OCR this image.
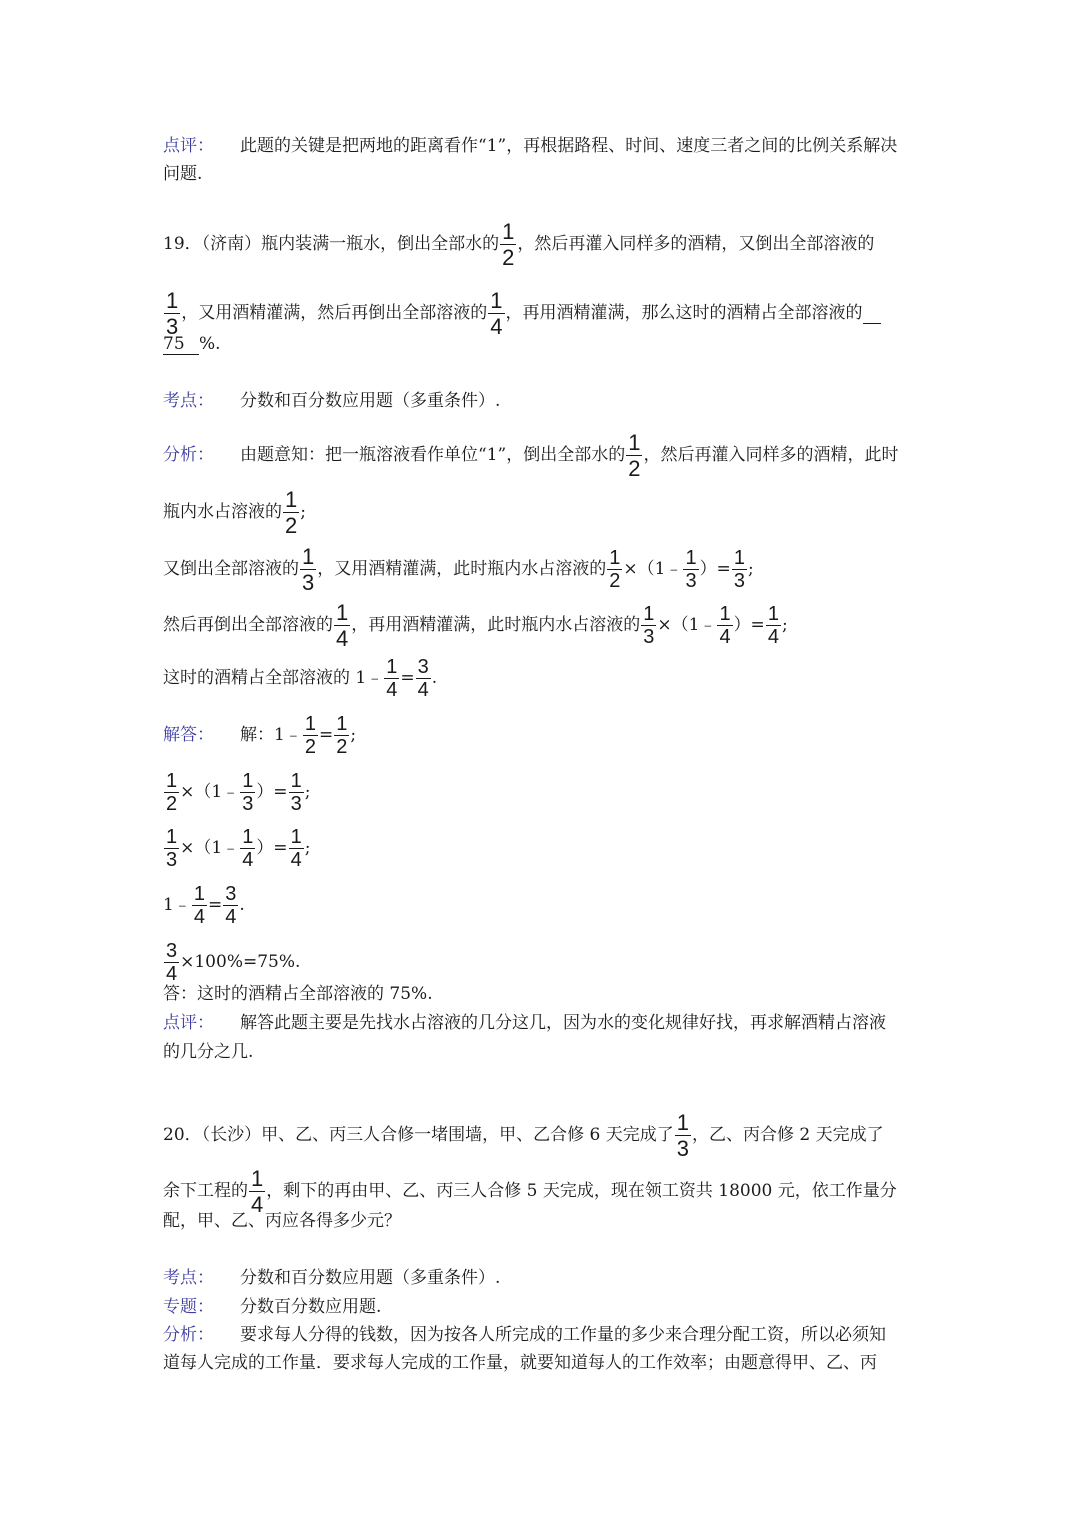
点评： 此题的关键是把两地的距离看作“1”，再根据路程、时间、速度三者之间的比例关系解决
问题.
19．（济南）瓶内装满一瓶水，倒出全部水的 $\frac{1}{2}$ ，然后再灌入同样多的酒精，又倒出全部溶液的
$\frac{1}{3}$ ，又用酒精灌满，然后再倒出全部溶液的 $\frac{1}{4}$ ，再用酒精灌满，那么这时的酒精占全部溶液的
75 %.
考点： 分数和百分数应用题（多重条件）.
分析： 由题意知：把一瓶溶液看作单位“1”，倒出全部水的 $\frac{1}{2}$ ，然后再灌入同样多的酒精，此时
瓶内水占溶液的 $\frac{1}{2}$ ;
又倒出全部溶液的 $\frac{1}{3}$ ，又用酒精灌满，此时瓶内水占溶液的 $\frac{1}{2}$ ×（1﹣ $\frac{1}{3}$ ）= $\frac{1}{3}$ ;
然后再倒出全部溶液的 $\frac{1}{4}$ ，再用酒精灌满，此时瓶内水占溶液的 $\frac{1}{3}$ ×（1﹣ $\frac{1}{4}$ ）= $\frac{1}{4}$ ;
这时的酒精占全部溶液的 1﹣ $\frac{1}{4} = \frac{3}{4}$ .
解答： 解：1﹣ $\frac{1}{2} = \frac{1}{2}$ ;
$\frac{1}{2}$ ×（1﹣ $\frac{1}{3}$ ）= $\frac{1}{3}$ ;
$\frac{1}{3}$ ×（1﹣ $\frac{1}{4}$ ）= $\frac{1}{4}$ ;
1﹣ $\frac{1}{4} = \frac{3}{4}$ .
$\frac{3}{4} \times 100\%=75\%$.
答：这时的酒精占全部溶液的 75%.
点评： 解答此题主要是先找水占溶液的几分这几，因为水的变化规律好找，再求解酒精占溶液
的几分之几.
20．（长沙）甲、乙、丙三人合修一堵围墙，甲、乙合修 6 天完成了 $\frac{1}{3}$ ，乙、丙合修 2 天完成了
余下工程的 $\frac{1}{4}$ ，剩下的再由甲、乙、丙三人合修 5 天完成，现在领工资共 18000 元，依工作量分
配，甲、乙、丙应各得多少元？
考点： 分数和百分数应用题（多重条件）.
专题： 分数百分数应用题.
分析： 要求每人分得的钱数，因为按各人所完成的工作量的多少来合理分配工资，所以必须知
道每人完成的工作量．要求每人完成的工作量，就要知道每人的工作效率；由题意得甲、乙、丙
